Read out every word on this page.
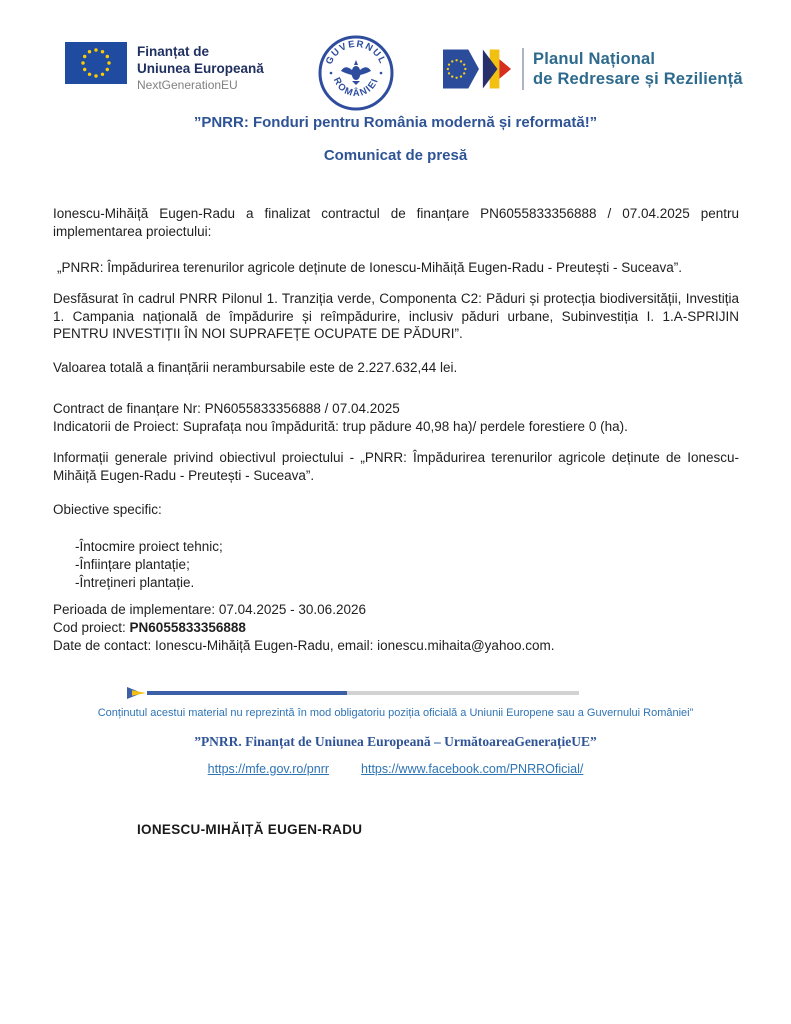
Finanțat de
Uniunea Europeană
NextGenerationEU
GUVERNUL
ROMÂNIEI
Planul Național
de Redresare și Reziliență
”PNRR: Fonduri pentru România modernă și reformată!”
Comunicat de presă
Ionescu-Mihăiță Eugen-Radu a finalizat contractul de finanțare PN6055833356888 / 07.04.2025 pentru implementarea proiectului:
„PNRR: Împădurirea terenurilor agricole deținute de Ionescu-Mihăiță Eugen-Radu - Preutești - Suceava”.
Desfăsurat în cadrul PNRR Pilonul 1. Tranziția verde, Componenta C2: Păduri și protecția biodiversității, Investiția 1. Campania națională de împădurire și reîmpădurire, inclusiv păduri urbane, Subinvestiția I. 1.A-SPRIJIN PENTRU INVESTIȚII ÎN NOI SUPRAFEȚE OCUPATE DE PĂDURI”.
Valoarea totală a finanțării nerambursabile este de 2.227.632,44 lei.
Contract de finanțare Nr: PN6055833356888 / 07.04.2025
Indicatorii de Proiect: Suprafața nou împădurită: trup pădure 40,98 ha)/ perdele forestiere 0 (ha).
Informații generale privind obiectivul proiectului - „PNRR: Împădurirea terenurilor agricole deținute de Ionescu-Mihăiță Eugen-Radu - Preutești - Suceava”.
Obiective specific:
-Întocmire proiect tehnic;
-Înființare plantație;
-Întrețineri plantație.
Perioada de implementare: 07.04.2025 - 30.06.2026
Cod proiect: PN6055833356888
Date de contact: Ionescu-Mihăiță Eugen-Radu, email: ionescu.mihaita@yahoo.com.
Conținutul acestui material nu reprezintă în mod obligatoriu poziția oficială a Uniunii Europene sau a Guvernului României”
”PNRR. Finanțat de Uniunea Europeană – UrmătoareaGenerațieUE”
https://mfe.gov.ro/pnrr	https://www.facebook.com/PNRROficial/
IONESCU-MIHĂIȚĂ EUGEN-RADU
